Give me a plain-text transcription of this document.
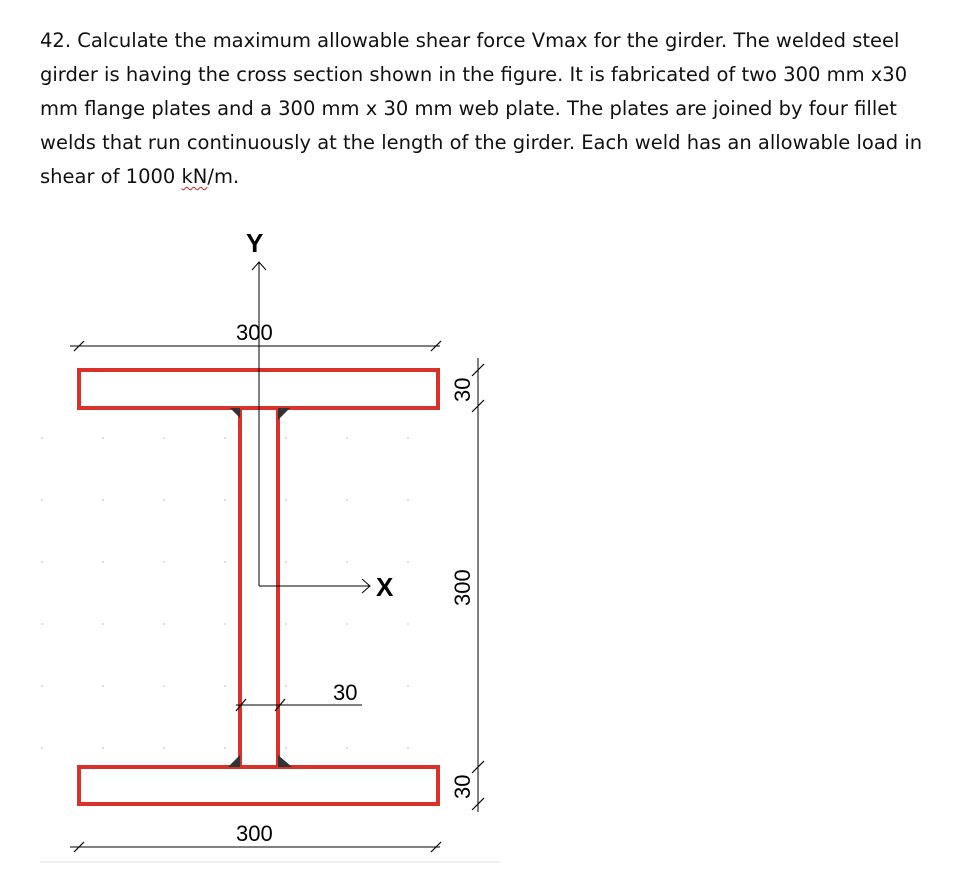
42. Calculate the maximum allowable shear force Vmax for the girder. The welded steel girder is having the cross section shown in the figure. It is fabricated of two 300 mm x30 mm flange plates and a 300 mm x 30 mm web plate. The plates are joined by four fillet welds that run continuously at the length of the girder. Each weld has an allowable load in shear of 1000 kN/m.
Y
X
300
300
30
30
300
30
